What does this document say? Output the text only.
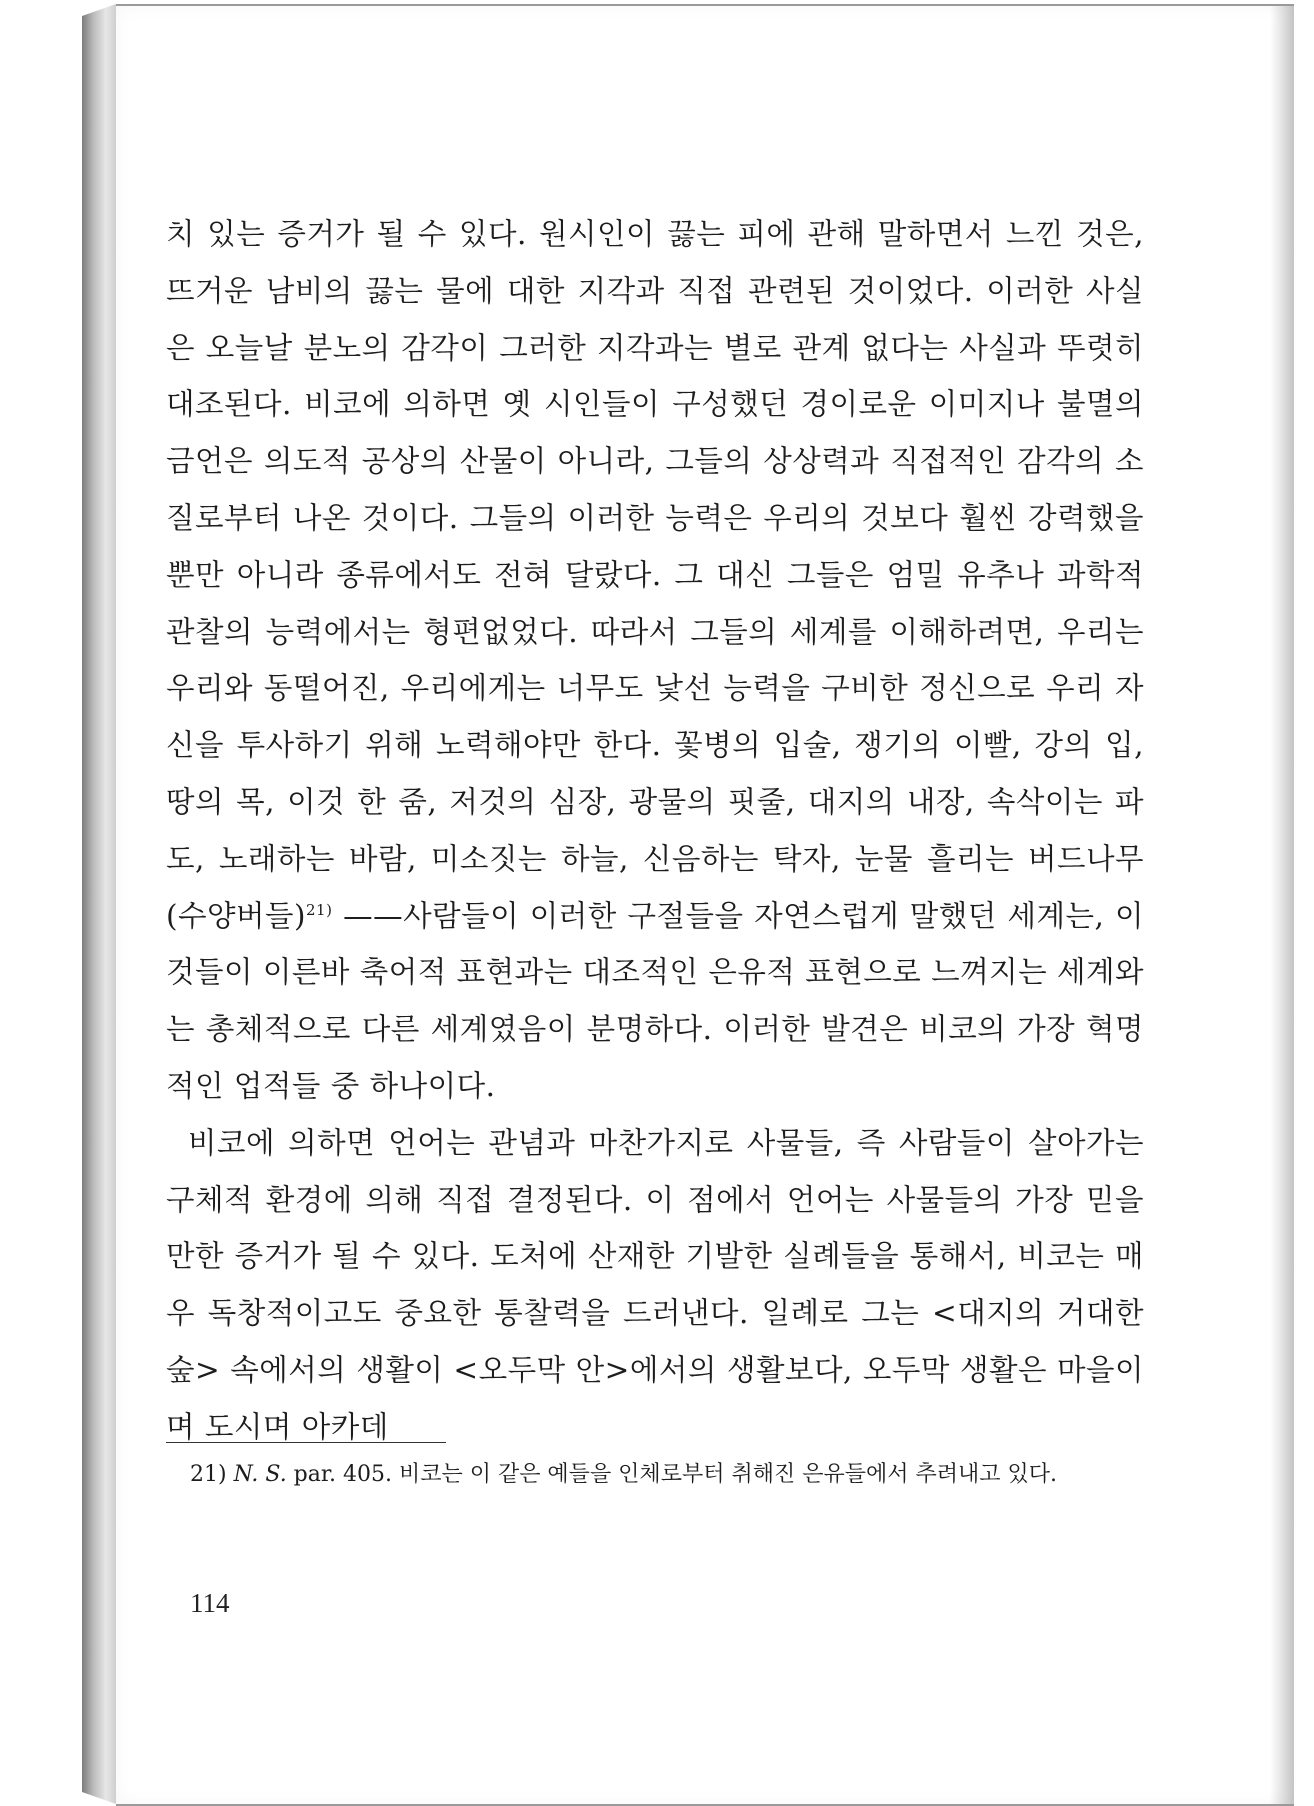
치 있는 증거가 될 수 있다. 원시인이 끓는 피에 관해 말하면서 느낀 것은, 뜨거운 남비의 끓는 물에 대한 지각과 직접 관련된 것이었다. 이러한 사실은 오늘날 분노의 감각이 그러한 지각과는 별로 관계 없다는 사실과 뚜렷히 대조된다. 비코에 의하면 옛 시인들이 구성했던 경이로운 이미지나 불멸의 금언은 의도적 공상의 산물이 아니라, 그들의 상상력과 직접적인 감각의 소질로부터 나온 것이다. 그들의 이러한 능력은 우리의 것보다 훨씬 강력했을 뿐만 아니라 종류에서도 전혀 달랐다. 그 대신 그들은 엄밀 유추나 과학적 관찰의 능력에서는 형편없었다. 따라서 그들의 세계를 이해하려면, 우리는 우리와 동떨어진, 우리에게는 너무도 낯선 능력을 구비한 정신으로 우리 자신을 투사하기 위해 노력해야만 한다. 꽃병의 입술, 쟁기의 이빨, 강의 입, 땅의 목, 이것 한 줌, 저것의 심장, 광물의 핏줄, 대지의 내장, 속삭이는 파도, 노래하는 바람, 미소짓는 하늘, 신음하는 탁자, 눈물 흘리는 버드나무(수양버들)$^{21)}$ ——사람들이 이러한 구절들을 자연스럽게 말했던 세계는, 이것들이 이른바 축어적 표현과는 대조적인 은유적 표현으로 느껴지는 세계와는 총체적으로 다른 세계였음이 분명하다. 이러한 발견은 비코의 가장 혁명적인 업적들 중 하나이다.

비코에 의하면 언어는 관념과 마찬가지로 사물들, 즉 사람들이 살아가는 구체적 환경에 의해 직접 결정된다. 이 점에서 언어는 사물들의 가장 믿을 만한 증거가 될 수 있다. 도처에 산재한 기발한 실례들을 통해서, 비코는 매우 독창적이고도 중요한 통찰력을 드러낸다. 일례로 그는 <대지의 거대한 숲> 속에서의 생활이 <오두막 안>에서의 생활보다, 오두막 생활은 마을이며 도시며 아카데

21) N. S. par. 405. 비코는 이 같은 예들을 인체로부터 취해진 은유들에서 추려내고 있다.
114
